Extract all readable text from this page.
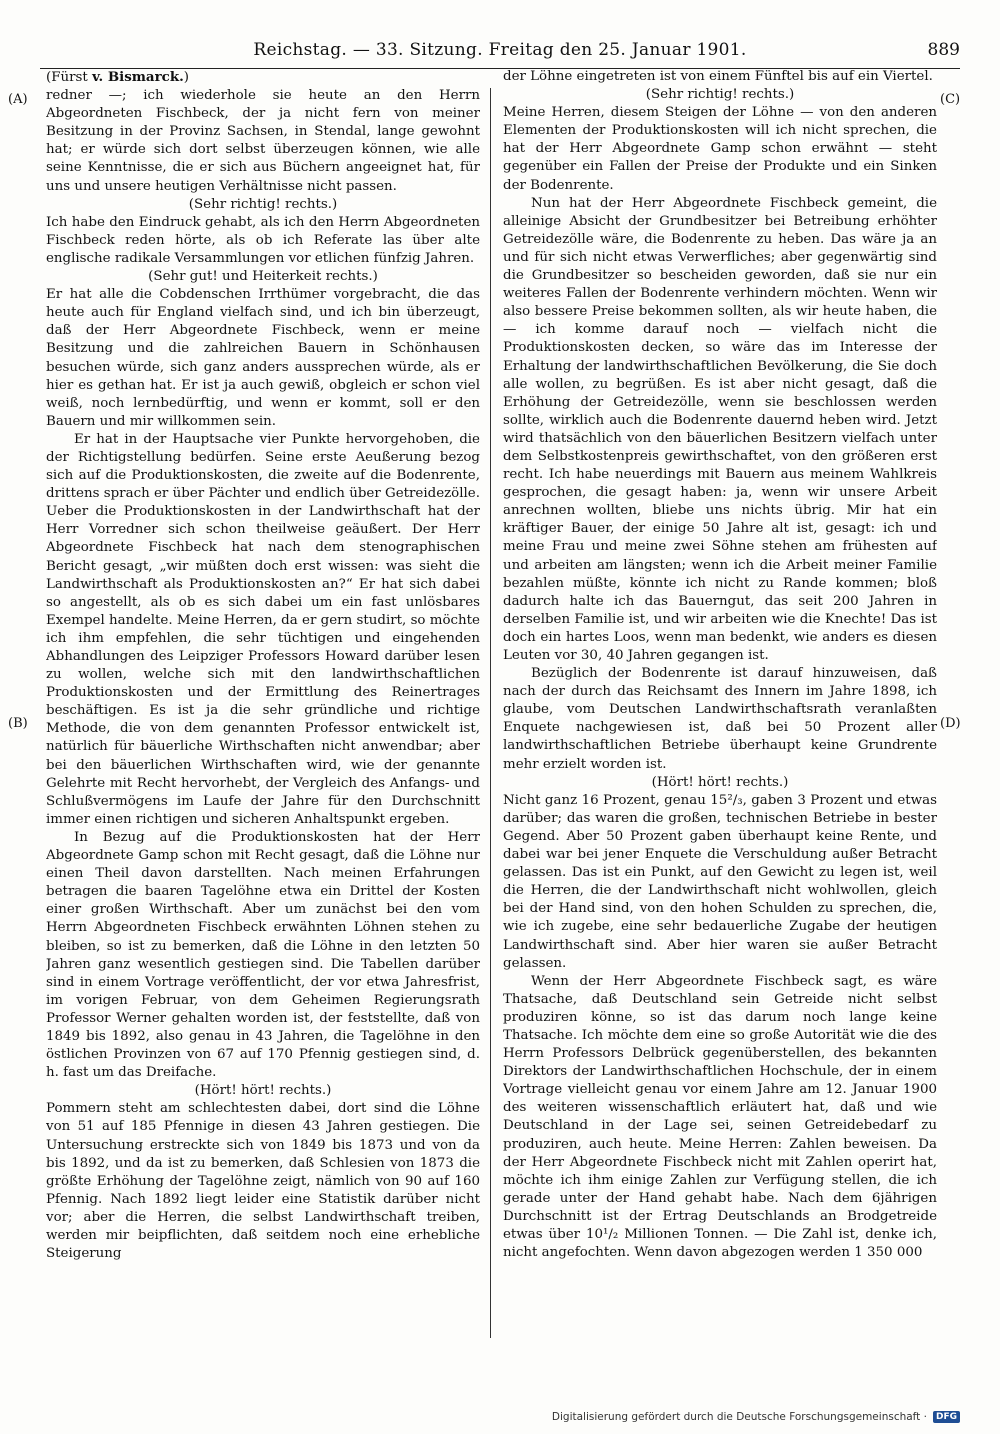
Reichstag. — 33. Sitzung. Freitag den 25. Januar 1901.	889
(A)
(B)
(C)
(D)

(Fürst v. Bismarck.)

redner —; ich wiederhole sie heute an den Herrn Abgeordneten Fischbeck, der ja nicht fern von meiner Besitzung in der Provinz Sachsen, in Stendal, lange gewohnt hat; er würde sich dort selbst überzeugen können, wie alle seine Kenntnisse, die er sich aus Büchern angeeignet hat, für uns und unsere heutigen Verhältnisse nicht passen.

(Sehr richtig! rechts.)

Ich habe den Eindruck gehabt, als ich den Herrn Abgeordneten Fischbeck reden hörte, als ob ich Referate las über alte englische radikale Versammlungen vor etlichen fünfzig Jahren.

(Sehr gut! und Heiterkeit rechts.)

Er hat alle die Cobdenschen Irrthümer vorgebracht, die das heute auch für England vielfach sind, und ich bin überzeugt, daß der Herr Abgeordnete Fischbeck, wenn er meine Besitzung und die zahlreichen Bauern in Schönhausen besuchen würde, sich ganz anders aussprechen würde, als er hier es gethan hat. Er ist ja auch gewiß, obgleich er schon viel weiß, noch lernbedürftig, und wenn er kommt, soll er den Bauern und mir willkommen sein.

Er hat in der Hauptsache vier Punkte hervorgehoben, die der Richtigstellung bedürfen. Seine erste Aeußerung bezog sich auf die Produktionskosten, die zweite auf die Bodenrente, drittens sprach er über Pächter und endlich über Getreidezölle. Ueber die Produktionskosten in der Landwirthschaft hat der Herr Vorredner sich schon theilweise geäußert. Der Herr Abgeordnete Fischbeck hat nach dem stenographischen Bericht gesagt, „wir müßten doch erst wissen: was sieht die Landwirthschaft als Produktionskosten an?“ Er hat sich dabei so angestellt, als ob es sich dabei um ein fast unlösbares Exempel handelte. Meine Herren, da er gern studirt, so möchte ich ihm empfehlen, die sehr tüchtigen und eingehenden Abhandlungen des Leipziger Professors Howard darüber lesen zu wollen, welche sich mit den landwirthschaftlichen Produktionskosten und der Ermittlung des Reinertrages beschäftigen. Es ist ja die sehr gründliche und richtige Methode, die von dem genannten Professor entwickelt ist, natürlich für bäuerliche Wirthschaften nicht anwendbar; aber bei den bäuerlichen Wirthschaften wird, wie der genannte Gelehrte mit Recht hervorhebt, der Vergleich des Anfangs- und Schlußvermögens im Laufe der Jahre für den Durchschnitt immer einen richtigen und sicheren Anhaltspunkt ergeben.

In Bezug auf die Produktionskosten hat der Herr Abgeordnete Gamp schon mit Recht gesagt, daß die Löhne nur einen Theil davon darstellten. Nach meinen Erfahrungen betragen die baaren Tagelöhne etwa ein Drittel der Kosten einer großen Wirthschaft. Aber um zunächst bei den vom Herrn Abgeordneten Fischbeck erwähnten Löhnen stehen zu bleiben, so ist zu bemerken, daß die Löhne in den letzten 50 Jahren ganz wesentlich gestiegen sind. Die Tabellen darüber sind in einem Vortrage veröffentlicht, der vor etwa Jahresfrist, im vorigen Februar, von dem Geheimen Regierungsrath Professor Werner gehalten worden ist, der feststellte, daß von 1849 bis 1892, also genau in 43 Jahren, die Tagelöhne in den östlichen Provinzen von 67 auf 170 Pfennig gestiegen sind, d. h. fast um das Dreifache.

(Hört! hört! rechts.)

Pommern steht am schlechtesten dabei, dort sind die Löhne von 51 auf 185 Pfennige in diesen 43 Jahren gestiegen. Die Untersuchung erstreckte sich von 1849 bis 1873 und von da bis 1892, und da ist zu bemerken, daß Schlesien von 1873 die größte Erhöhung der Tagelöhne zeigt, nämlich von 90 auf 160 Pfennig. Nach 1892 liegt leider eine Statistik darüber nicht vor; aber die Herren, die selbst Landwirthschaft treiben, werden mir beipflichten, daß seitdem noch eine erhebliche Steigerung

der Löhne eingetreten ist von einem Fünftel bis auf ein Viertel.

(Sehr richtig! rechts.)

Meine Herren, diesem Steigen der Löhne — von den anderen Elementen der Produktionskosten will ich nicht sprechen, die hat der Herr Abgeordnete Gamp schon erwähnt — steht gegenüber ein Fallen der Preise der Produkte und ein Sinken der Bodenrente.

Nun hat der Herr Abgeordnete Fischbeck gemeint, die alleinige Absicht der Grundbesitzer bei Betreibung erhöhter Getreidezölle wäre, die Bodenrente zu heben. Das wäre ja an und für sich nicht etwas Verwerfliches; aber gegenwärtig sind die Grundbesitzer so bescheiden geworden, daß sie nur ein weiteres Fallen der Bodenrente verhindern möchten. Wenn wir also bessere Preise bekommen sollten, als wir heute haben, die — ich komme darauf noch — vielfach nicht die Produktionskosten decken, so wäre das im Interesse der Erhaltung der landwirthschaftlichen Bevölkerung, die Sie doch alle wollen, zu begrüßen. Es ist aber nicht gesagt, daß die Erhöhung der Getreidezölle, wenn sie beschlossen werden sollte, wirklich auch die Bodenrente dauernd heben wird. Jetzt wird thatsächlich von den bäuerlichen Besitzern vielfach unter dem Selbstkostenpreis gewirthschaftet, von den größeren erst recht. Ich habe neuerdings mit Bauern aus meinem Wahlkreis gesprochen, die gesagt haben: ja, wenn wir unsere Arbeit anrechnen wollten, bliebe uns nichts übrig. Mir hat ein kräftiger Bauer, der einige 50 Jahre alt ist, gesagt: ich und meine Frau und meine zwei Söhne stehen am frühesten auf und arbeiten am längsten; wenn ich die Arbeit meiner Familie bezahlen müßte, könnte ich nicht zu Rande kommen; bloß dadurch halte ich das Bauerngut, das seit 200 Jahren in derselben Familie ist, und wir arbeiten wie die Knechte! Das ist doch ein hartes Loos, wenn man bedenkt, wie anders es diesen Leuten vor 30, 40 Jahren gegangen ist.

Bezüglich der Bodenrente ist darauf hinzuweisen, daß nach der durch das Reichsamt des Innern im Jahre 1898, ich glaube, vom Deutschen Landwirthschaftsrath veranlaßten Enquete nachgewiesen ist, daß bei 50 Prozent aller landwirthschaftlichen Betriebe überhaupt keine Grundrente mehr erzielt worden ist.

(Hört! hört! rechts.)

Nicht ganz 16 Prozent, genau 15²/₃, gaben 3 Prozent und etwas darüber; das waren die großen, technischen Betriebe in bester Gegend. Aber 50 Prozent gaben überhaupt keine Rente, und dabei war bei jener Enquete die Verschuldung außer Betracht gelassen. Das ist ein Punkt, auf den Gewicht zu legen ist, weil die Herren, die der Landwirthschaft nicht wohlwollen, gleich bei der Hand sind, von den hohen Schulden zu sprechen, die, wie ich zugebe, eine sehr bedauerliche Zugabe der heutigen Landwirthschaft sind. Aber hier waren sie außer Betracht gelassen.

Wenn der Herr Abgeordnete Fischbeck sagt, es wäre Thatsache, daß Deutschland sein Getreide nicht selbst produziren könne, so ist das darum noch lange keine Thatsache. Ich möchte dem eine so große Autorität wie die des Herrn Professors Delbrück gegenüberstellen, des bekannten Direktors der Landwirthschaftlichen Hochschule, der in einem Vortrage vielleicht genau vor einem Jahre am 12. Januar 1900 des weiteren wissenschaftlich erläutert hat, daß und wie Deutschland in der Lage sei, seinen Getreidebedarf zu produziren, auch heute. Meine Herren: Zahlen beweisen. Da der Herr Abgeordnete Fischbeck nicht mit Zahlen operirt hat, möchte ich ihm einige Zahlen zur Verfügung stellen, die ich gerade unter der Hand gehabt habe. Nach dem 6jährigen Durchschnitt ist der Ertrag Deutschlands an Brodgetreide etwas über 10¹/₂ Millionen Tonnen. — Die Zahl ist, denke ich, nicht angefochten. Wenn davon abgezogen werden 1 350 000

Digitalisierung gefördert durch die Deutsche Forschungsgemeinschaft ·	DFG
